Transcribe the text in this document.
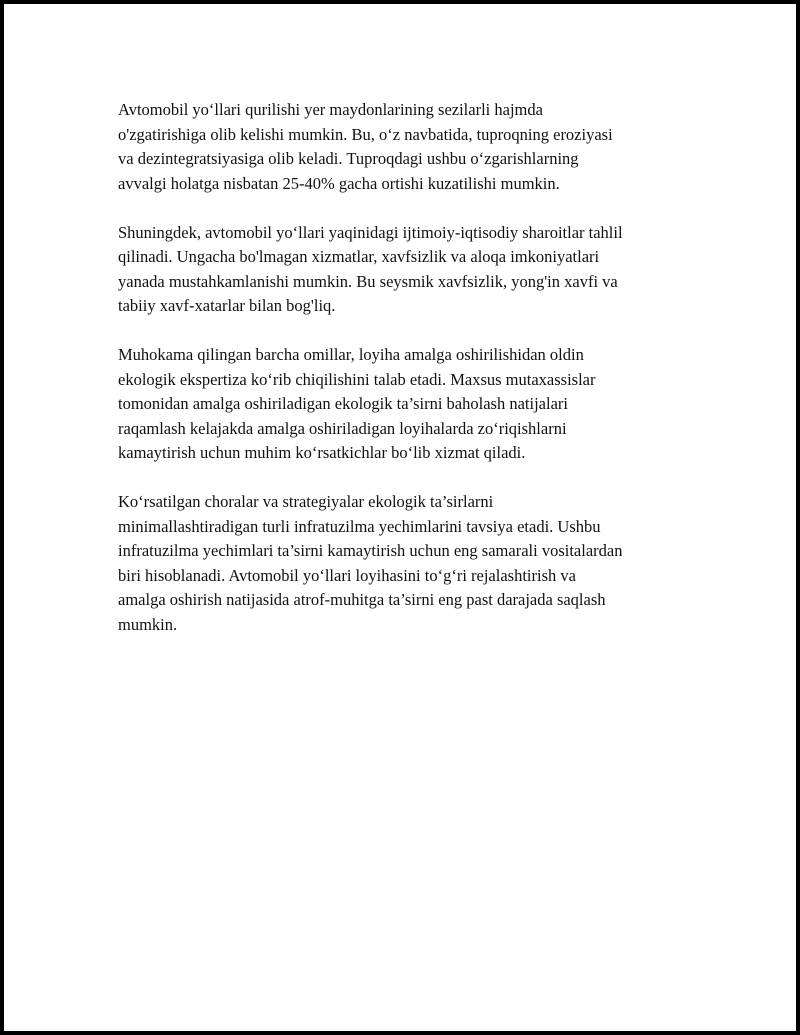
Avtomobil yo‘llari qurilishi yer maydonlarining sezilarli hajmda
o'zgatirishiga olib kelishi mumkin. Bu, o‘z navbatida, tuproqning eroziyasi
va dezintegratsiyasiga olib keladi. Tuproqdagi ushbu o‘zgarishlarning
avvalgi holatga nisbatan 25-40% gacha ortishi kuzatilishi mumkin.

Shuningdek, avtomobil yo‘llari yaqinidagi ijtimoiy-iqtisodiy sharoitlar tahlil
qilinadi. Ungacha bo'lmagan xizmatlar, xavfsizlik va aloqa imkoniyatlari
yanada mustahkamlanishi mumkin. Bu seysmik xavfsizlik, yong'in xavfi va
tabiiy xavf-xatarlar bilan bog'liq.

Muhokama qilingan barcha omillar, loyiha amalga oshirilishidan oldin
ekologik ekspertiza ko‘rib chiqilishini talab etadi. Maxsus mutaxassislar
tomonidan amalga oshiriladigan ekologik ta’sirni baholash natijalari
raqamlash kelajakda amalga oshiriladigan loyihalarda zo‘riqishlarni
kamaytirish uchun muhim ko‘rsatkichlar bo‘lib xizmat qiladi.

Ko‘rsatilgan choralar va strategiyalar ekologik ta’sirlarni
minimallashtiradigan turli infratuzilma yechimlarini tavsiya etadi. Ushbu
infratuzilma yechimlari ta’sirni kamaytirish uchun eng samarali vositalardan
biri hisoblanadi. Avtomobil yo‘llari loyihasini to‘g‘ri rejalashtirish va
amalga oshirish natijasida atrof-muhitga ta’sirni eng past darajada saqlash
mumkin.
